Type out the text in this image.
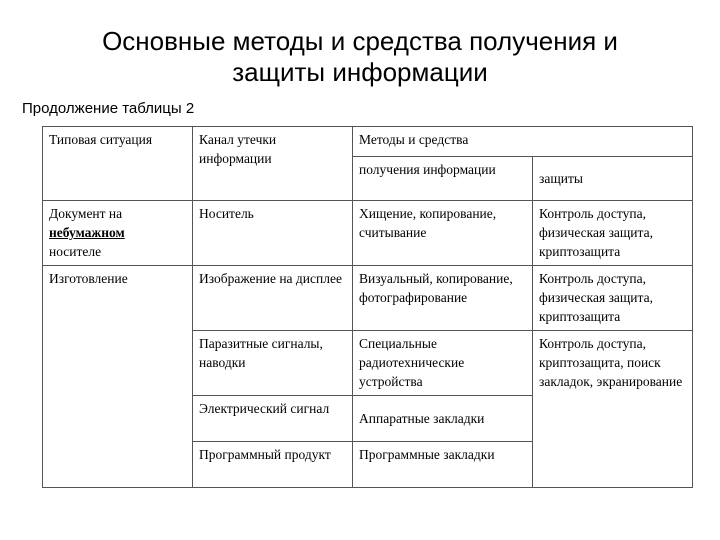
Основные методы и средства получения и
защиты информации
Продолжение таблицы 2
Типовая ситуация	Канал утечки информации	Методы и средства	
		получения информации	защиты

Документ на
небумажном
носителе	Носитель	Хищение, копирование, считывание	Контроль доступа, физическая защита, криптозащита
Изготовление	Изображение на дисплее	Визуальный, копирование, фотографирование	Контроль доступа, физическая защита, криптозащита
	Паразитные сигналы, наводки	Специальные радиотехнические устройства	Контроль доступа, криптозащита, поиск закладок, экранирование
	Электрический сигнал	Аппаратные закладки	
	Программный продукт	Программные закладки	
